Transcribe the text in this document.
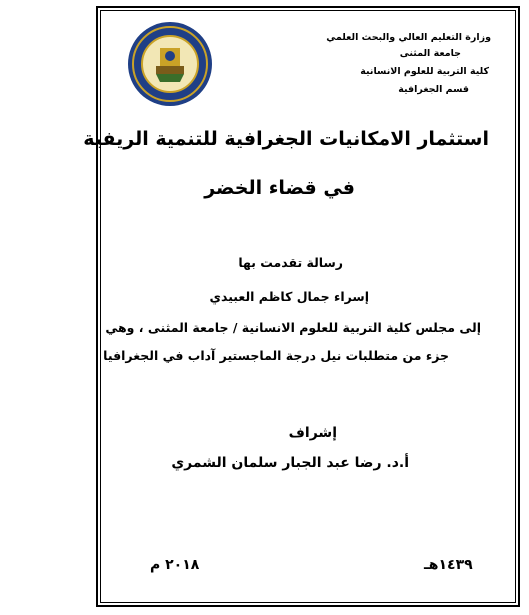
وزارة التعليم العالي والبحث العلمي
جامعة المثنى
كلية التربية للعلوم الانسانية
قسم الجغرافية
استثمار الامكانيات الجغرافية للتنمية الريفية
في قضاء الخضر
رسالة تقدمت بها
إسراء جمال كاظم العبيدي
إلى مجلس كلية التربية للعلوم الانسانية / جامعة المثنى ، وهي
جزء من متطلبات نيل درجة الماجستير آداب في الجغرافيا
إشراف
أ.د. رضا عبد الجبار سلمان الشمري
١٤٣٩هـ
٢٠١٨ م
